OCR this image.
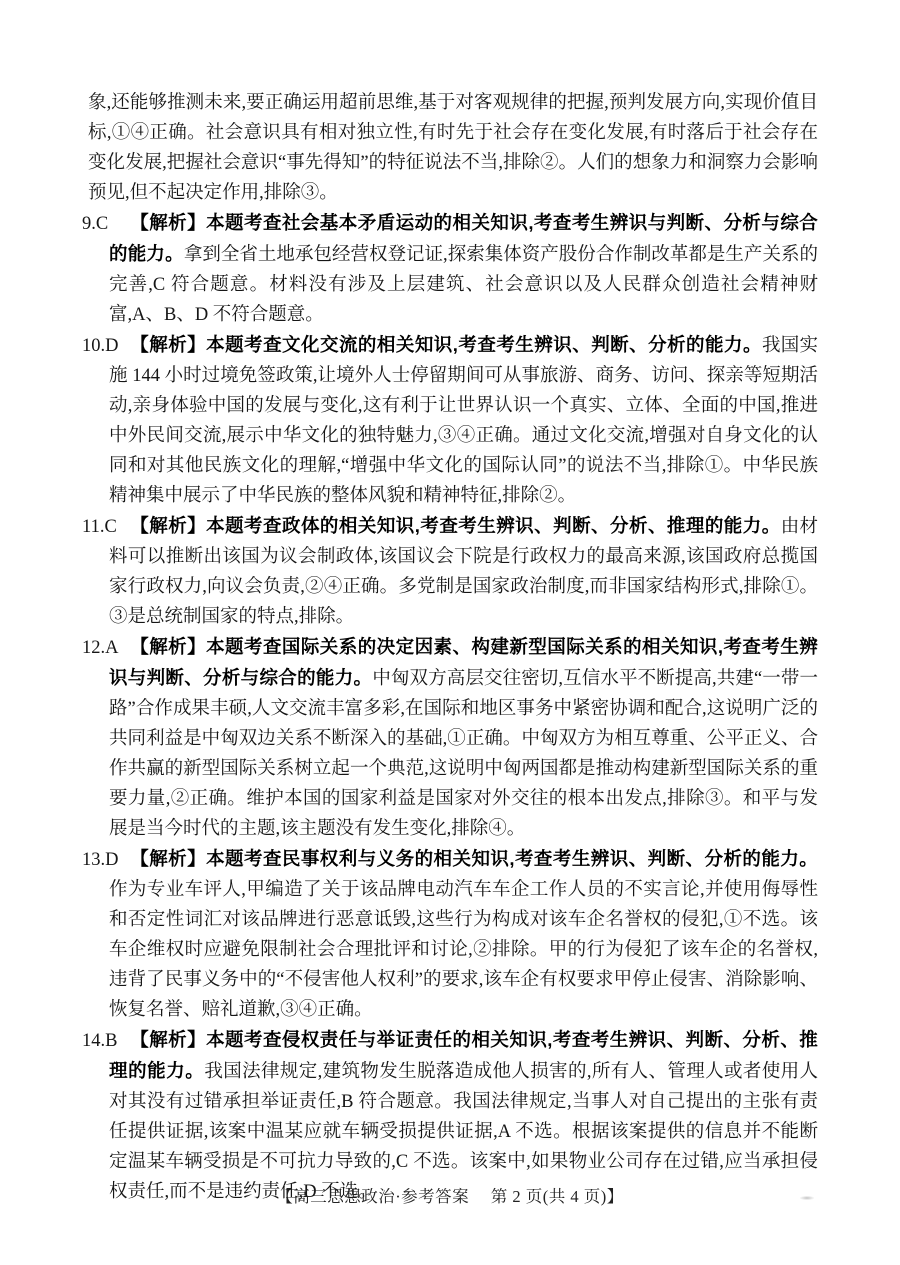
象,还能够推测未来,要正确运用超前思维,基于对客观规律的把握,预判发展方向,实现价值目标,①④正确。社会意识具有相对独立性,有时先于社会存在变化发展,有时落后于社会存在变化发展,把握社会意识“事先得知”的特征说法不当,排除②。人们的想象力和洞察力会影响预见,但不起决定作用,排除③。

9.C 【解析】本题考查社会基本矛盾运动的相关知识,考查考生辨识与判断、分析与综合的能力。拿到全省土地承包经营权登记证,探索集体资产股份合作制改革都是生产关系的完善,C 符合题意。材料没有涉及上层建筑、社会意识以及人民群众创造社会精神财富,A、B、D 不符合题意。

10.D 【解析】本题考查文化交流的相关知识,考查考生辨识、判断、分析的能力。我国实施 144 小时过境免签政策,让境外人士停留期间可从事旅游、商务、访问、探亲等短期活动,亲身体验中国的发展与变化,这有利于让世界认识一个真实、立体、全面的中国,推进中外民间交流,展示中华文化的独特魅力,③④正确。通过文化交流,增强对自身文化的认同和对其他民族文化的理解,“增强中华文化的国际认同”的说法不当,排除①。中华民族精神集中展示了中华民族的整体风貌和精神特征,排除②。

11.C 【解析】本题考查政体的相关知识,考查考生辨识、判断、分析、推理的能力。由材料可以推断出该国为议会制政体,该国议会下院是行政权力的最高来源,该国政府总揽国家行政权力,向议会负责,②④正确。多党制是国家政治制度,而非国家结构形式,排除①。③是总统制国家的特点,排除。

12.A 【解析】本题考查国际关系的决定因素、构建新型国际关系的相关知识,考查考生辨识与判断、分析与综合的能力。中匈双方高层交往密切,互信水平不断提高,共建“一带一路”合作成果丰硕,人文交流丰富多彩,在国际和地区事务中紧密协调和配合,这说明广泛的共同利益是中匈双边关系不断深入的基础,①正确。中匈双方为相互尊重、公平正义、合作共赢的新型国际关系树立起一个典范,这说明中匈两国都是推动构建新型国际关系的重要力量,②正确。维护本国的国家利益是国家对外交往的根本出发点,排除③。和平与发展是当今时代的主题,该主题没有发生变化,排除④。

13.D 【解析】本题考查民事权利与义务的相关知识,考查考生辨识、判断、分析的能力。作为专业车评人,甲编造了关于该品牌电动汽车车企工作人员的不实言论,并使用侮辱性和否定性词汇对该品牌进行恶意诋毁,这些行为构成对该车企名誉权的侵犯,①不选。该车企维权时应避免限制社会合理批评和讨论,②排除。甲的行为侵犯了该车企的名誉权,违背了民事义务中的“不侵害他人权利”的要求,该车企有权要求甲停止侵害、消除影响、恢复名誉、赔礼道歉,③④正确。

14.B 【解析】本题考查侵权责任与举证责任的相关知识,考查考生辨识、判断、分析、推理的能力。我国法律规定,建筑物发生脱落造成他人损害的,所有人、管理人或者使用人对其没有过错承担举证责任,B 符合题意。我国法律规定,当事人对自己提出的主张有责任提供证据,该案中温某应就车辆受损提供证据,A 不选。根据该案提供的信息并不能断定温某车辆受损是不可抗力导致的,C 不选。该案中,如果物业公司存在过错,应当承担侵权责任,而不是违约责任,D 不选。

【高三思想政治·参考答案　 第 2 页(共 4 页)】
